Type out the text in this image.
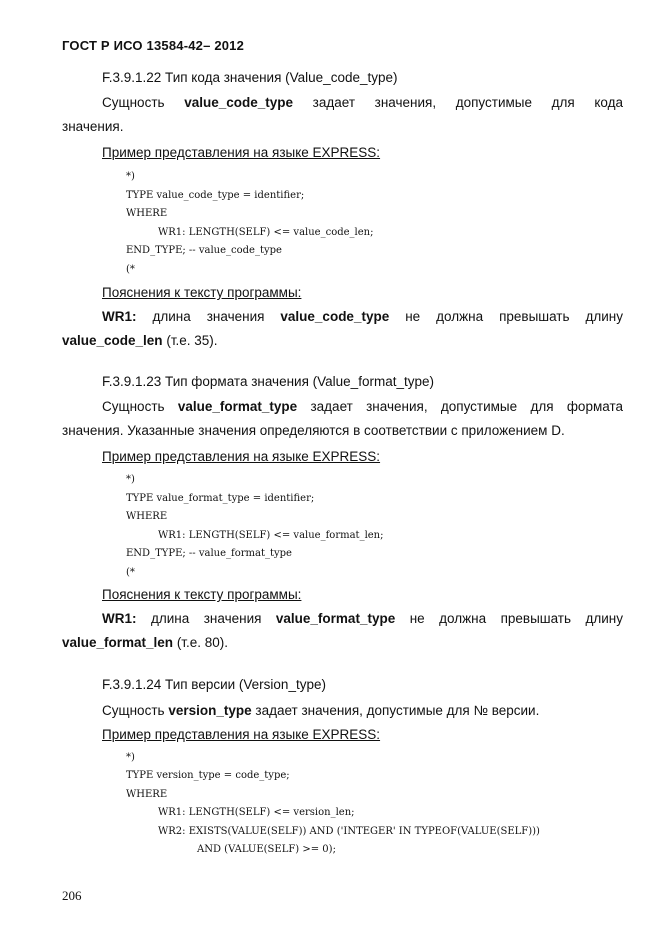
ГОСТ Р ИСО 13584-42– 2012
F.3.9.1.22 Тип кода значения (Value_code_type)
Сущность value_code_type задает значения, допустимые для кода
значения.
Пример представления на языке EXPRESS:
*)
TYPE value_code_type = identifier;
WHERE
WR1: LENGTH(SELF) <= value_code_len;
END_TYPE; -- value_code_type
(*
Пояснения к тексту программы:
WR1: длина значения value_code_type не должна превышать длину
value_code_len (т.е. 35).
F.3.9.1.23 Тип формата значения (Value_format_type)
Сущность value_format_type задает значения, допустимые для формата
значения. Указанные значения определяются в соответствии с приложением D.
Пример представления на языке EXPRESS:
*)
TYPE value_format_type = identifier;
WHERE
WR1: LENGTH(SELF) <= value_format_len;
END_TYPE; -- value_format_type
(*
Пояснения к тексту программы:
WR1: длина значения value_format_type не должна превышать длину
value_format_len (т.е. 80).
F.3.9.1.24 Тип версии (Version_type)
Сущность version_type задает значения, допустимые для № версии.
Пример представления на языке EXPRESS:
*)
TYPE version_type = code_type;
WHERE
WR1: LENGTH(SELF) <= version_len;
WR2: EXISTS(VALUE(SELF)) AND ('INTEGER' IN TYPEOF(VALUE(SELF)))
AND (VALUE(SELF) >= 0);
206
